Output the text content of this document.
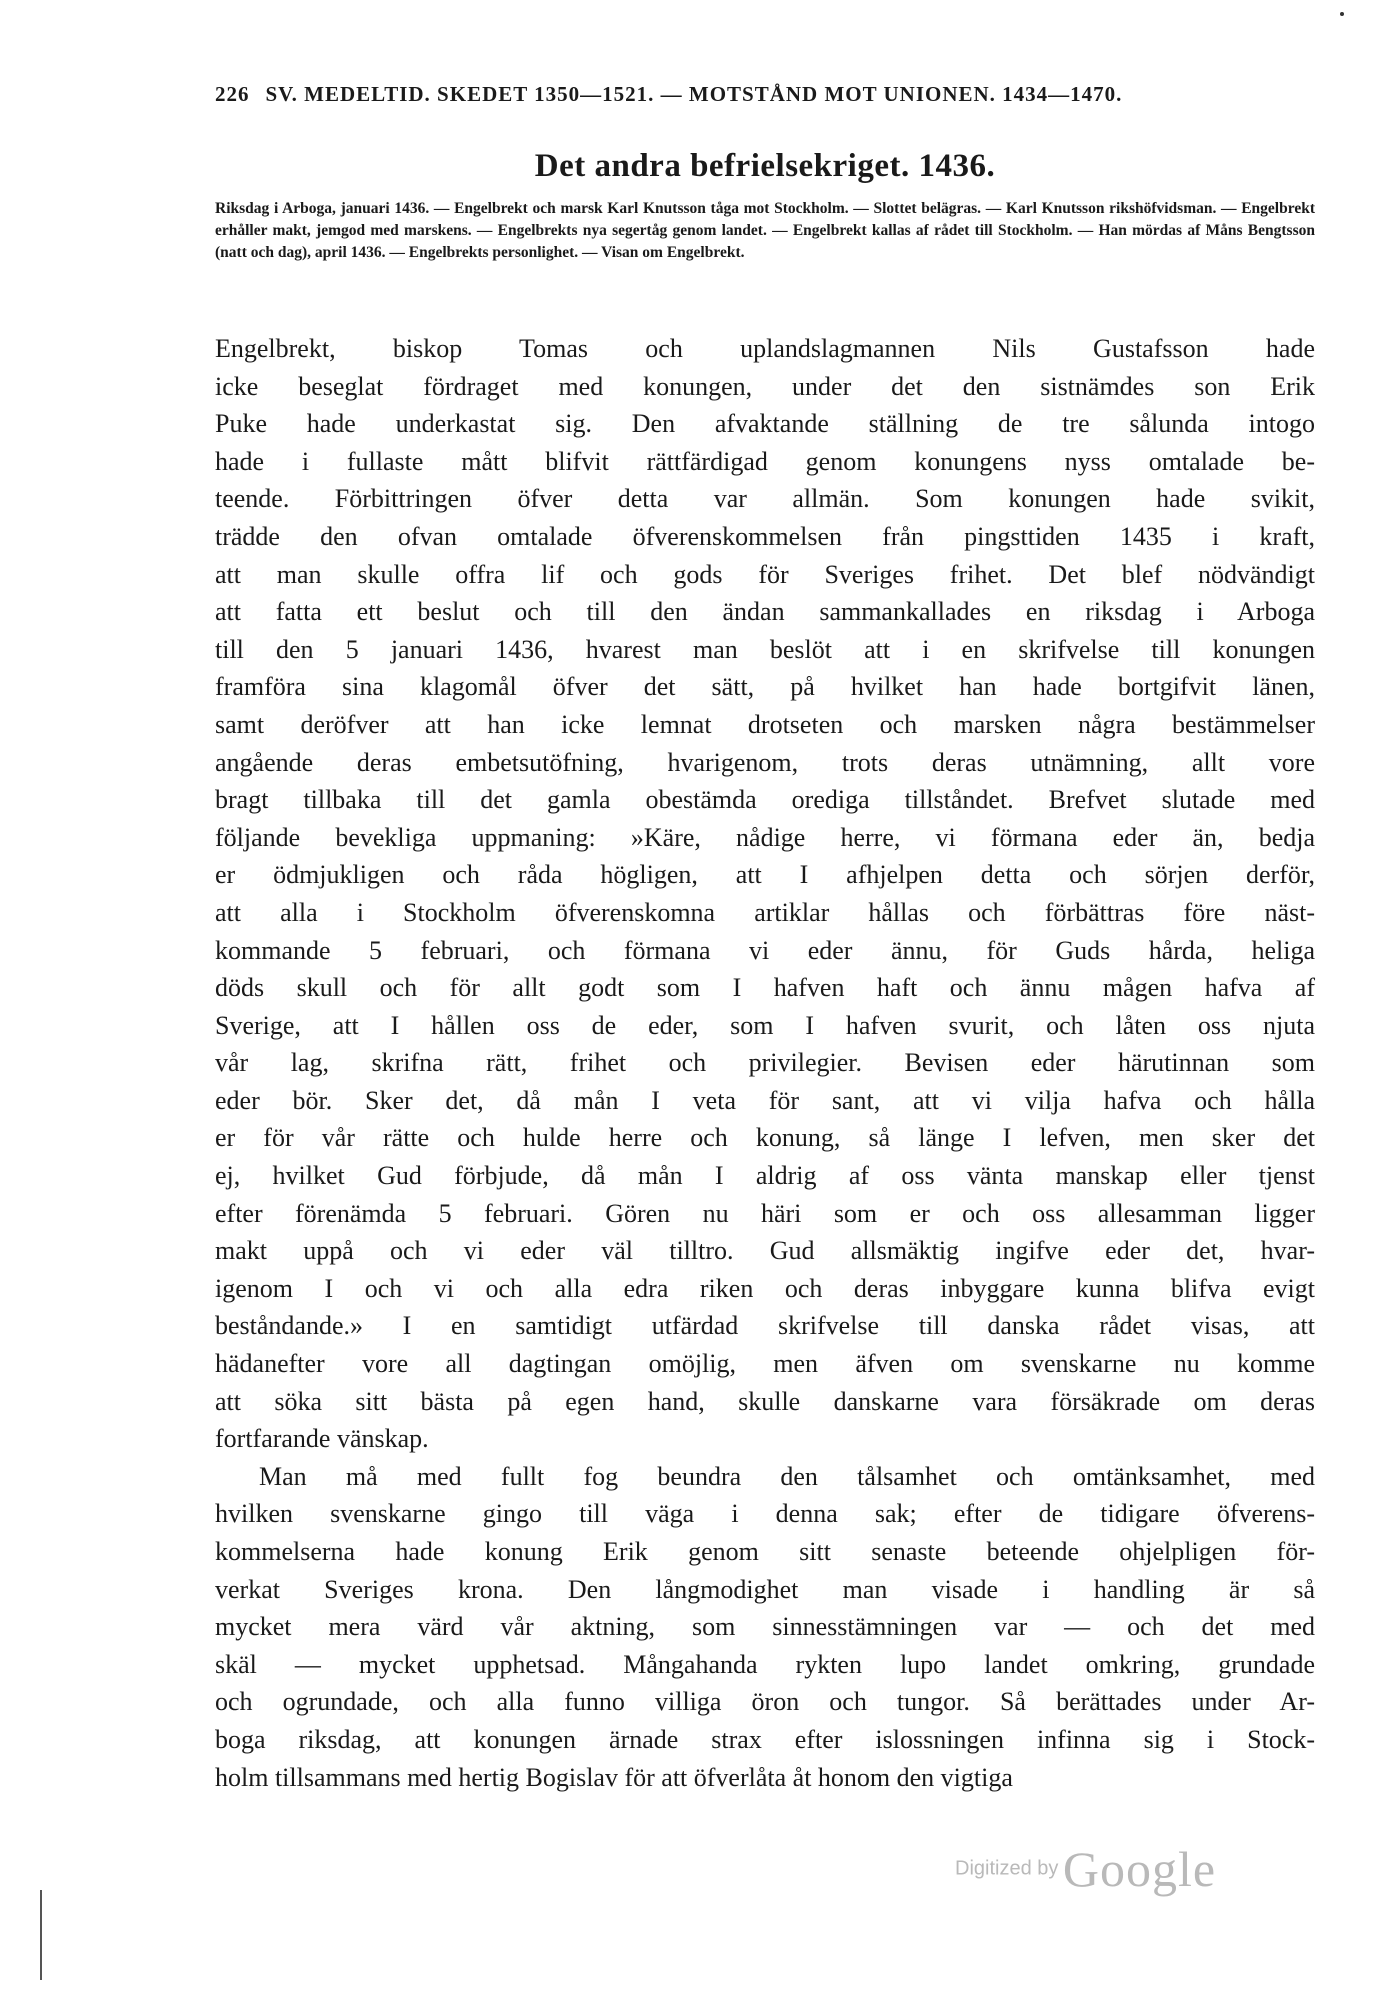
226 SV. MEDELTID. SKEDET 1350—1521. — MOTSTÅND MOT UNIONEN. 1434—1470.
Det andra befrielsekriget. 1436.
Riksdag i Arboga, januari 1436. — Engelbrekt och marsk Karl Knutsson tåga mot Stockholm. — Slottet belägras. — Karl Knutsson rikshöfvidsman. — Engelbrekt erhåller makt, jemgod med marskens. — Engelbrekts nya segertåg genom landet. — Engelbrekt kallas af rådet till Stockholm. — Han mördas af Måns Bengtsson (natt och dag), april 1436. — Engelbrekts personlighet. — Visan om Engelbrekt.
Engelbrekt, biskop Tomas och uplandslagmannen Nils Gustafsson hade
icke beseglat fördraget med konungen, under det den sistnämdes son Erik
Puke hade underkastat sig. Den afvaktande ställning de tre sålunda intogo
hade i fullaste mått blifvit rättfärdigad genom konungens nyss omtalade be-
teende. Förbittringen öfver detta var allmän. Som konungen hade svikit,
trädde den ofvan omtalade öfverenskommelsen från pingsttiden 1435 i kraft,
att man skulle offra lif och gods för Sveriges frihet. Det blef nödvändigt
att fatta ett beslut och till den ändan sammankallades en riksdag i Arboga
till den 5 januari 1436, hvarest man beslöt att i en skrifvelse till konungen
framföra sina klagomål öfver det sätt, på hvilket han hade bortgifvit länen,
samt deröfver att han icke lemnat drotseten och marsken några bestämmelser
angående deras embetsutöfning, hvarigenom, trots deras utnämning, allt vore
bragt tillbaka till det gamla obestämda orediga tillståndet. Brefvet slutade med
följande bevekliga uppmaning: »Käre, nådige herre, vi förmana eder än, bedja
er ödmjukligen och råda högligen, att I afhjelpen detta och sörjen derför,
att alla i Stockholm öfverenskomna artiklar hållas och förbättras före näst-
kommande 5 februari, och förmana vi eder ännu, för Guds hårda, heliga
döds skull och för allt godt som I hafven haft och ännu mågen hafva af
Sverige, att I hållen oss de eder, som I hafven svurit, och låten oss njuta
vår lag, skrifna rätt, frihet och privilegier. Bevisen eder härutinnan som
eder bör. Sker det, då mån I veta för sant, att vi vilja hafva och hålla
er för vår rätte och hulde herre och konung, så länge I lefven, men sker det
ej, hvilket Gud förbjude, då mån I aldrig af oss vänta manskap eller tjenst
efter förenämda 5 februari. Gören nu häri som er och oss allesamman ligger
makt uppå och vi eder väl tilltro. Gud allsmäktig ingifve eder det, hvar-
igenom I och vi och alla edra riken och deras inbyggare kunna blifva evigt
beståndande.» I en samtidigt utfärdad skrifvelse till danska rådet visas, att
hädanefter vore all dagtingan omöjlig, men äfven om svenskarne nu komme
att söka sitt bästa på egen hand, skulle danskarne vara försäkrade om deras
fortfarande vänskap.
Man må med fullt fog beundra den tålsamhet och omtänksamhet, med
hvilken svenskarne gingo till väga i denna sak; efter de tidigare öfverens-
kommelserna hade konung Erik genom sitt senaste beteende ohjelpligen för-
verkat Sveriges krona. Den långmodighet man visade i handling är så
mycket mera värd vår aktning, som sinnesstämningen var — och det med
skäl — mycket upphetsad. Mångahanda rykten lupo landet omkring, grundade
och ogrundade, och alla funno villiga öron och tungor. Så berättades under Ar-
boga riksdag, att konungen ärnade strax efter islossningen infinna sig i Stock-
holm tillsammans med hertig Bogislav för att öfverlåta åt honom den vigtiga
Digitized by Google
